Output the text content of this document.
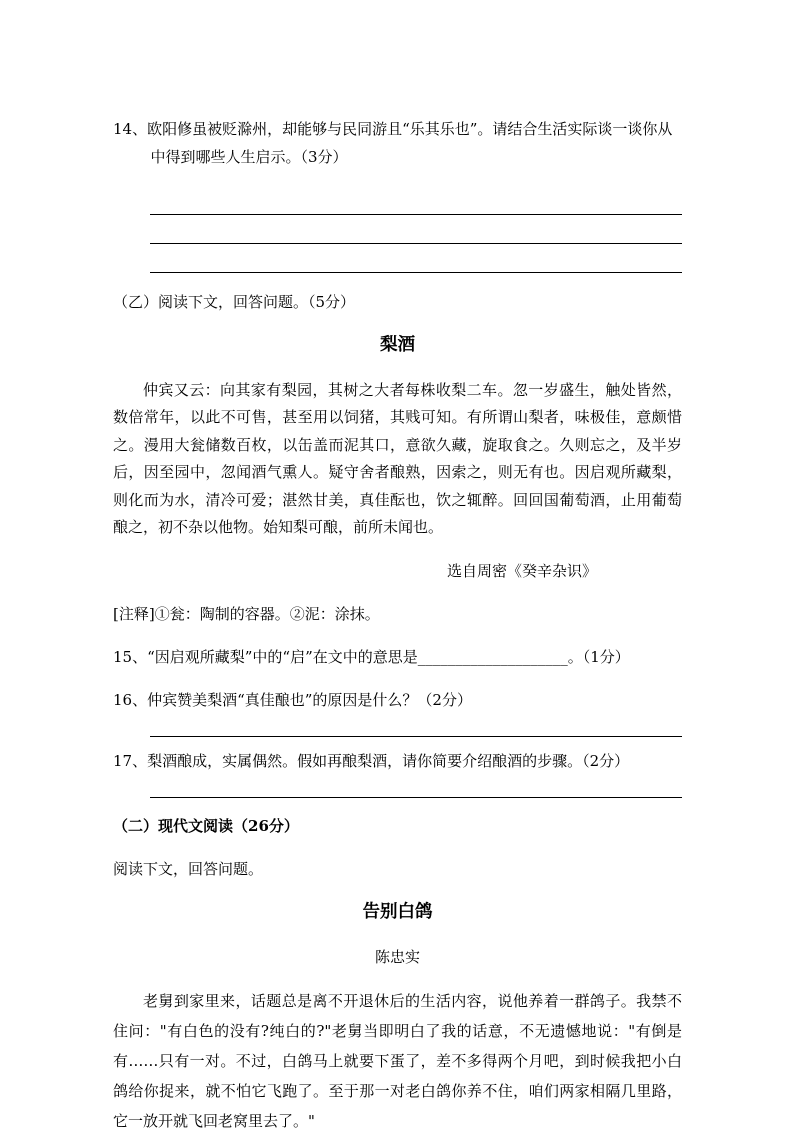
14、欧阳修虽被贬滁州，却能够与民同游且“乐其乐也”。请结合生活实际谈一谈你从中得到哪些人生启示。（3分）

（乙）阅读下文，回答问题。（5分）

梨酒

仲宾又云：向其家有梨园，其树之大者每株收梨二车。忽一岁盛生，触处皆然，数倍常年，以此不可售，甚至用以饲猪，其贱可知。有所谓山梨者，味极佳，意颇惜之。漫用大瓮储数百枚，以缶盖而泥其口，意欲久藏，旋取食之。久则忘之，及半岁后，因至园中，忽闻酒气熏人。疑守舍者酿熟，因索之，则无有也。因启观所藏梨，则化而为水，清冷可爱；湛然甘美，真佳酝也，饮之辄醉。回回国葡萄酒，止用葡萄酿之，初不杂以他物。始知梨可酿，前所未闻也。

选自周密《癸辛杂识》

[注释]①瓮：陶制的容器。②泥：涂抹。

15、“因启观所藏梨”中的“启”在文中的意思是____________________。（1分）

16、仲宾赞美梨酒“真佳酿也”的原因是什么？（2分）

17、梨酒酿成，实属偶然。假如再酿梨酒，请你简要介绍酿酒的步骤。（2分）

（二）现代文阅读（26分）

阅读下文，回答问题。

告别白鸽

陈忠实

老舅到家里来，话题总是离不开退休后的生活内容，说他养着一群鸽子。我禁不住问："有白色的没有?纯白的?"老舅当即明白了我的话意，不无遗憾地说："有倒是有……只有一对。不过，白鸽马上就要下蛋了，差不多得两个月吧，到时候我把小白鸽给你捉来，就不怕它飞跑了。至于那一对老白鸽你养不住，咱们两家相隔几里路，它一放开就飞回老窝里去了。"
